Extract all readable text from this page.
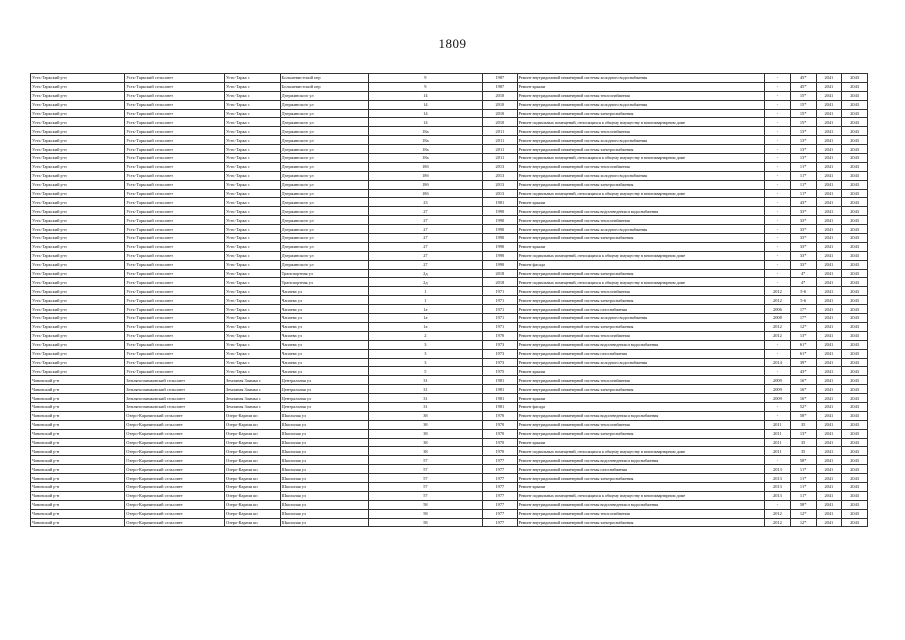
1809
Усть-Таркский р-н	Усть-Таркский сельсовет	Усть-Тарка с	Большевистский пер	9	1987	Ремонт внутридомовой инженерной системы холодного водоснабжения	-	45*	2041	2043
Усть-Таркский р-н	Усть-Таркский сельсовет	Усть-Тарка с	Большевистский пер	9	1987	Ремонт крыши	-	45*	2041	2043
Усть-Таркский р-н	Усть-Таркский сельсовет	Усть-Тарка с	Дзержинского ул	14	2010	Ремонт внутридомовой инженерной системы теплоснабжения	-	15*	2041	2043
Усть-Таркский р-н	Усть-Таркский сельсовет	Усть-Тарка с	Дзержинского ул	14	2010	Ремонт внутридомовой инженерной системы холодного водоснабжения	-	15*	2041	2043
Усть-Таркский р-н	Усть-Таркский сельсовет	Усть-Тарка с	Дзержинского ул	14	2010	Ремонт внутридомовой инженерной системы электроснабжения	-	15*	2041	2043
Усть-Таркский р-н	Усть-Таркский сельсовет	Усть-Тарка с	Дзержинского ул	14	2010	Ремонт подвальных помещений, относящихся к общему имуществу в многоквартирном доме	-	15*	2041	2043
Усть-Таркский р-н	Усть-Таркский сельсовет	Усть-Тарка с	Дзержинского ул	18а	2011	Ремонт внутридомовой инженерной системы теплоснабжения	-	13*	2041	2043
Усть-Таркский р-н	Усть-Таркский сельсовет	Усть-Тарка с	Дзержинского ул	18а	2011	Ремонт внутридомовой инженерной системы холодного водоснабжения	-	13*	2041	2043
Усть-Таркский р-н	Усть-Таркский сельсовет	Усть-Тарка с	Дзержинского ул	18а	2011	Ремонт внутридомовой инженерной системы электроснабжения	-	13*	2041	2043
Усть-Таркский р-н	Усть-Таркский сельсовет	Усть-Тарка с	Дзержинского ул	18а	2011	Ремонт подвальных помещений, относящихся к общему имуществу в многоквартирном доме	-	13*	2041	2043
Усть-Таркский р-н	Усть-Таркский сельсовет	Усть-Тарка с	Дзержинского ул	18б	2013	Ремонт внутридомовой инженерной системы теплоснабжения	-	11*	2041	2043
Усть-Таркский р-н	Усть-Таркский сельсовет	Усть-Тарка с	Дзержинского ул	18б	2013	Ремонт внутридомовой инженерной системы холодного водоснабжения	-	11*	2041	2043
Усть-Таркский р-н	Усть-Таркский сельсовет	Усть-Тарка с	Дзержинского ул	18б	2013	Ремонт внутридомовой инженерной системы электроснабжения	-	11*	2041	2043
Усть-Таркский р-н	Усть-Таркский сельсовет	Усть-Тарка с	Дзержинского ул	18б	2013	Ремонт подвальных помещений, относящихся к общему имуществу в многоквартирном доме	-	11*	2041	2043
Усть-Таркский р-н	Усть-Таркский сельсовет	Усть-Тарка с	Дзержинского ул	23	1981	Ремонт крыши	-	43*	2041	2043
Усть-Таркский р-н	Усть-Таркский сельсовет	Усть-Тарка с	Дзержинского ул	27	1990	Ремонт внутридомовой инженерной системы водоотведения и водоснабжения	-	33*	2041	2043
Усть-Таркский р-н	Усть-Таркский сельсовет	Усть-Тарка с	Дзержинского ул	27	1990	Ремонт внутридомовой инженерной системы теплоснабжения	-	33*	2041	2043
Усть-Таркский р-н	Усть-Таркский сельсовет	Усть-Тарка с	Дзержинского ул	27	1990	Ремонт внутридомовой инженерной системы холодного водоснабжения	-	33*	2041	2043
Усть-Таркский р-н	Усть-Таркский сельсовет	Усть-Тарка с	Дзержинского ул	27	1990	Ремонт внутридомовой инженерной системы электроснабжения	-	33*	2041	2043
Усть-Таркский р-н	Усть-Таркский сельсовет	Усть-Тарка с	Дзержинского ул	27	1990	Ремонт крыши	-	33*	2041	2043
Усть-Таркский р-н	Усть-Таркский сельсовет	Усть-Тарка с	Дзержинского ул	27	1990	Ремонт подвальных помещений, относящихся к общему имуществу в многоквартирном доме	-	33*	2041	2043
Усть-Таркский р-н	Усть-Таркский сельсовет	Усть-Тарка с	Дзержинского ул	27	1990	Ремонт фасада	-	33*	2041	2043
Усть-Таркский р-н	Усть-Таркский сельсовет	Усть-Тарка с	Транспортная ул	2д	2018	Ремонт внутридомовой инженерной системы электроснабжения	-	4*	2041	2043
Усть-Таркский р-н	Усть-Таркский сельсовет	Усть-Тарка с	Транспортная ул	2д	2018	Ремонт подвальных помещений, относящихся к общему имуществу в многоквартирном доме	-	4*	2041	2043
Усть-Таркский р-н	Усть-Таркский сельсовет	Усть-Тарка с	Чапаева ул	1	1971	Ремонт внутридомовой инженерной системы теплоснабжения	2012	5-6	2041	2043
Усть-Таркский р-н	Усть-Таркский сельсовет	Усть-Тарка с	Чапаева ул	1	1971	Ремонт внутридомовой инженерной системы электроснабжения	2012	5-6	2041	2043
Усть-Таркский р-н	Усть-Таркский сельсовет	Усть-Тарка с	Чапаева ул	1а	1971	Ремонт внутридомовой инженерной системы газоснабжения	2006	17*	2041	2043
Усть-Таркский р-н	Усть-Таркский сельсовет	Усть-Тарка с	Чапаева ул	1а	1971	Ремонт внутридомовой инженерной системы холодного водоснабжения	2008	17*	2041	2043
Усть-Таркский р-н	Усть-Таркский сельсовет	Усть-Тарка с	Чапаева ул	1а	1971	Ремонт внутридомовой инженерной системы электроснабжения	2012	12*	2041	2043
Усть-Таркский р-н	Усть-Таркский сельсовет	Усть-Тарка с	Чапаева ул	2	1970	Ремонт внутридомовой инженерной системы теплоснабжения	2012	13*	2041	2043
Усть-Таркский р-н	Усть-Таркский сельсовет	Усть-Тарка с	Чапаева ул	3	1973	Ремонт внутридомовой инженерной системы водоотведения и водоснабжения	-	61*	2041	2043
Усть-Таркский р-н	Усть-Таркский сельсовет	Усть-Тарка с	Чапаева ул	3	1973	Ремонт внутридомовой инженерной системы газоснабжения	-	61*	2041	2043
Усть-Таркский р-н	Усть-Таркский сельсовет	Усть-Тарка с	Чапаева ул	3	1973	Ремонт внутридомовой инженерной системы холодного водоснабжения	2014	39*	2041	2043
Усть-Таркский р-н	Усть-Таркский сельсовет	Усть-Тарка с	Чапаева ул	5	1975	Ремонт крыши	-	43*	2041	2043
Чановский р-н	Землянозаимковский сельсовет	Земляная Заимка с	Центральная ул	31	1981	Ремонт внутридомовой инженерной системы теплоснабжения	2009	16*	2041	2043
Чановский р-н	Землянозаимковский сельсовет	Земляная Заимка с	Центральная ул	31	1981	Ремонт внутридомовой инженерной системы электроснабжения	2009	16*	2041	2043
Чановский р-н	Землянозаимковский сельсовет	Земляная Заимка с	Центральная ул	31	1981	Ремонт крыши	2009	16*	2041	2043
Чановский р-н	Землянозаимковский сельсовет	Земляная Заимка с	Центральная ул	31	1981	Ремонт фасада	-	52*	2041	2043
Чановский р-н	Озеро-Карачинский сельсовет	Озеро-Карачи кп	Школьная ул	38	1970	Ремонт внутридомовой инженерной системы водоотведения и водоснабжения	-	58*	2041	2043
Чановский р-н	Озеро-Карачинский сельсовет	Озеро-Карачи кп	Школьная ул	38	1970	Ремонт внутридомовой инженерной системы теплоснабжения	2011	35	2041	2043
Чановский р-н	Озеро-Карачинский сельсовет	Озеро-Карачи кп	Школьная ул	38	1970	Ремонт внутридомовой инженерной системы электроснабжения	2011	13*	2041	2043
Чановский р-н	Озеро-Карачинский сельсовет	Озеро-Карачи кп	Школьная ул	38	1970	Ремонт крыши	2011	35	2041	2043
Чановский р-н	Озеро-Карачинский сельсовет	Озеро-Карачи кп	Школьная ул	38	1970	Ремонт подвальных помещений, относящихся к общему имуществу в многоквартирном доме	2011	35	2041	2043
Чановский р-н	Озеро-Карачинский сельсовет	Озеро-Карачи кп	Школьная ул	57	1977	Ремонт внутридомовой инженерной системы водоотведения и водоснабжения	-	58*	2041	2043
Чановский р-н	Озеро-Карачинский сельсовет	Озеро-Карачи кп	Школьная ул	57	1977	Ремонт внутридомовой инженерной системы газоснабжения	2013	11*	2041	2043
Чановский р-н	Озеро-Карачинский сельсовет	Озеро-Карачи кп	Школьная ул	57	1977	Ремонт внутридомовой инженерной системы электроснабжения	2013	11*	2041	2043
Чановский р-н	Озеро-Карачинский сельсовет	Озеро-Карачи кп	Школьная ул	57	1977	Ремонт крыши	2013	11*	2041	2043
Чановский р-н	Озеро-Карачинский сельсовет	Озеро-Карачи кп	Школьная ул	57	1977	Ремонт подвальных помещений, относящихся к общему имуществу в многоквартирном доме	2013	11*	2041	2043
Чановский р-н	Озеро-Карачинский сельсовет	Озеро-Карачи кп	Школьная ул	58	1977	Ремонт внутридомовой инженерной системы водоотведения и водоснабжения	-	58*	2041	2043
Чановский р-н	Озеро-Карачинский сельсовет	Озеро-Карачи кп	Школьная ул	58	1977	Ремонт внутридомовой инженерной системы теплоснабжения	2012	12*	2041	2043
Чановский р-н	Озеро-Карачинский сельсовет	Озеро-Карачи кп	Школьная ул	58	1977	Ремонт внутридомовой инженерной системы электроснабжения	2012	12*	2041	2043
